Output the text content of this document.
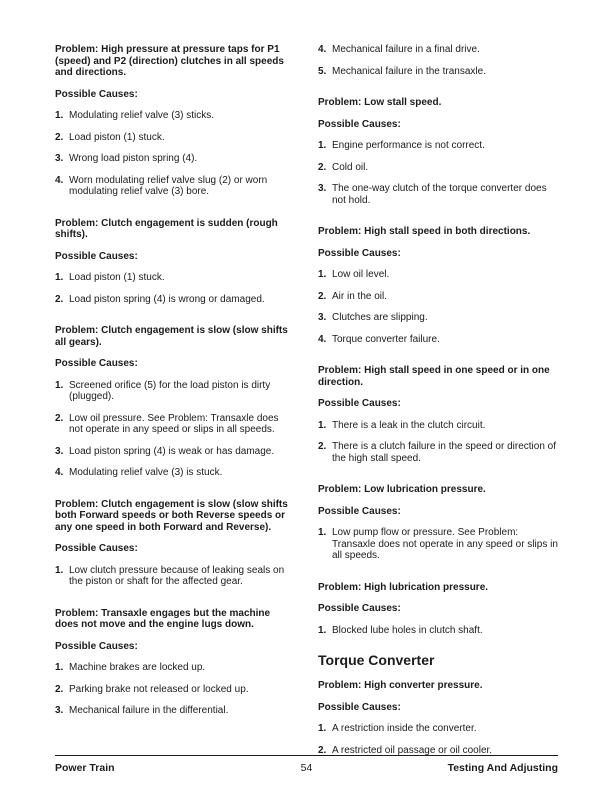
Problem: High pressure at pressure taps for P1 (speed) and P2 (direction) clutches in all speeds and directions.
Possible Causes:
1. Modulating relief valve (3) sticks.
2. Load piston (1) stuck.
3. Wrong load piston spring (4).
4. Worn modulating relief valve slug (2) or worn modulating relief valve (3) bore.
Problem: Clutch engagement is sudden (rough shifts).
Possible Causes:
1. Load piston (1) stuck.
2. Load piston spring (4) is wrong or damaged.
Problem: Clutch engagement is slow (slow shifts all gears).
Possible Causes:
1. Screened orifice (5) for the load piston is dirty (plugged).
2. Low oil pressure. See Problem: Transaxle does not operate in any speed or slips in all speeds.
3. Load piston spring (4) is weak or has damage.
4. Modulating relief valve (3) is stuck.
Problem: Clutch engagement is slow (slow shifts both Forward speeds or both Reverse speeds or any one speed in both Forward and Reverse).
Possible Causes:
1. Low clutch pressure because of leaking seals on the piston or shaft for the affected gear.
Problem: Transaxle engages but the machine does not move and the engine lugs down.
Possible Causes:
1. Machine brakes are locked up.
2. Parking brake not released or locked up.
3. Mechanical failure in the differential.
4. Mechanical failure in a final drive.
5. Mechanical failure in the transaxle.
Problem: Low stall speed.
Possible Causes:
1. Engine performance is not correct.
2. Cold oil.
3. The one-way clutch of the torque converter does not hold.
Problem: High stall speed in both directions.
Possible Causes:
1. Low oil level.
2. Air in the oil.
3. Clutches are slipping.
4. Torque converter failure.
Problem: High stall speed in one speed or in one direction.
Possible Causes:
1. There is a leak in the clutch circuit.
2. There is a clutch failure in the speed or direction of the high stall speed.
Problem: Low lubrication pressure.
Possible Causes:
1. Low pump flow or pressure. See Problem: Transaxle does not operate in any speed or slips in all speeds.
Problem: High lubrication pressure.
Possible Causes:
1. Blocked lube holes in clutch shaft.
Torque Converter
Problem: High converter pressure.
Possible Causes:
1. A restriction inside the converter.
2. A restricted oil passage or oil cooler.
Power Train	54	Testing And Adjusting
